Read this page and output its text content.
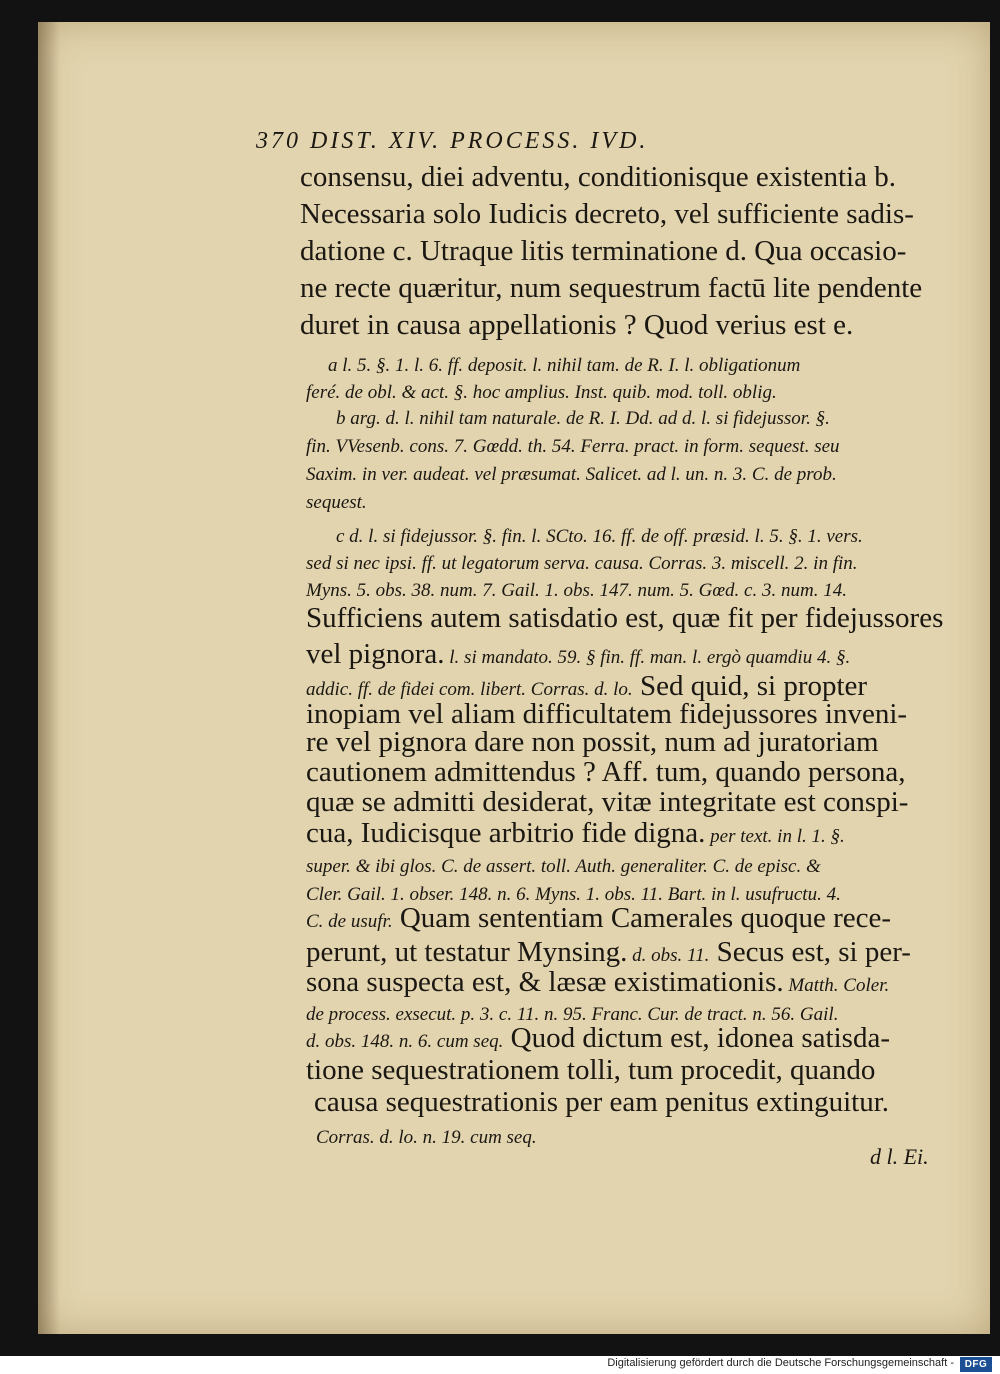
370 DIST. XIV. PROCESS. IVD.
consensu, diei adventu, conditionisque existentia b.
Necessaria solo Iudicis decreto, vel sufficiente sadis-
datione c. Utraque litis terminatione d. Qua occasio-
ne recte quæritur, num sequestrum factū lite pendente
duret in causa appellationis ? Quod verius est e.
a l. 5. §. 1. l. 6. ff. deposit. l. nihil tam. de R. I. l. obligationum
feré. de obl. & act. §. hoc amplius. Inst. quib. mod. toll. oblig.
b arg. d. l. nihil tam naturale. de R. I. Dd. ad d. l. si fidejussor. §.
fin. VVesenb. cons. 7. Gœdd. th. 54. Ferra. pract. in form. sequest. seu
Saxim. in ver. audeat. vel præsumat. Salicet. ad l. un. n. 3. C. de prob.
sequest.
c d. l. si fidejussor. §. fin. l. SCto. 16. ff. de off. præsid. l. 5. §. 1. vers.
sed si nec ipsi. ff. ut legatorum serva. causa. Corras. 3. miscell. 2. in fin.
Myns. 5. obs. 38. num. 7. Gail. 1. obs. 147. num. 5. Gœd. c. 3. num. 14.
Sufficiens autem satisdatio est, quæ fit per fidejussores
vel pignora. l. si mandato. 59. § fin. ff. man. l. ergò quamdiu 4. §.
addic. ff. de fidei com. libert. Corras. d. lo. Sed quid, si propter
inopiam vel aliam difficultatem fidejussores inveni-
re vel pignora dare non possit, num ad juratoriam
cautionem admittendus ? Aff. tum, quando persona,
quæ se admitti desiderat, vitæ integritate est conspi-
cua, Iudicisque arbitrio fide digna. per text. in l. 1. §.
super. & ibi glos. C. de assert. toll. Auth. generaliter. C. de episc. &
Cler. Gail. 1. obser. 148. n. 6. Myns. 1. obs. 11. Bart. in l. usufructu. 4.
C. de usufr. Quam sententiam Camerales quoque rece-
perunt, ut testatur Mynsing. d. obs. 11. Secus est, si per-
sona suspecta est, & læsæ existimationis. Matth. Coler.
de process. exsecut. p. 3. c. 11. n. 95. Franc. Cur. de tract. n. 56. Gail.
d. obs. 148. n. 6. cum seq. Quod dictum est, idonea satisda-
tione sequestrationem tolli, tum procedit, quando
causa sequestrationis per eam penitus extinguitur.
Corras. d. lo. n. 19. cum seq.
d l. Ei.
Digitalisierung gefördert durch die Deutsche Forschungsgemeinschaft -	DFG
